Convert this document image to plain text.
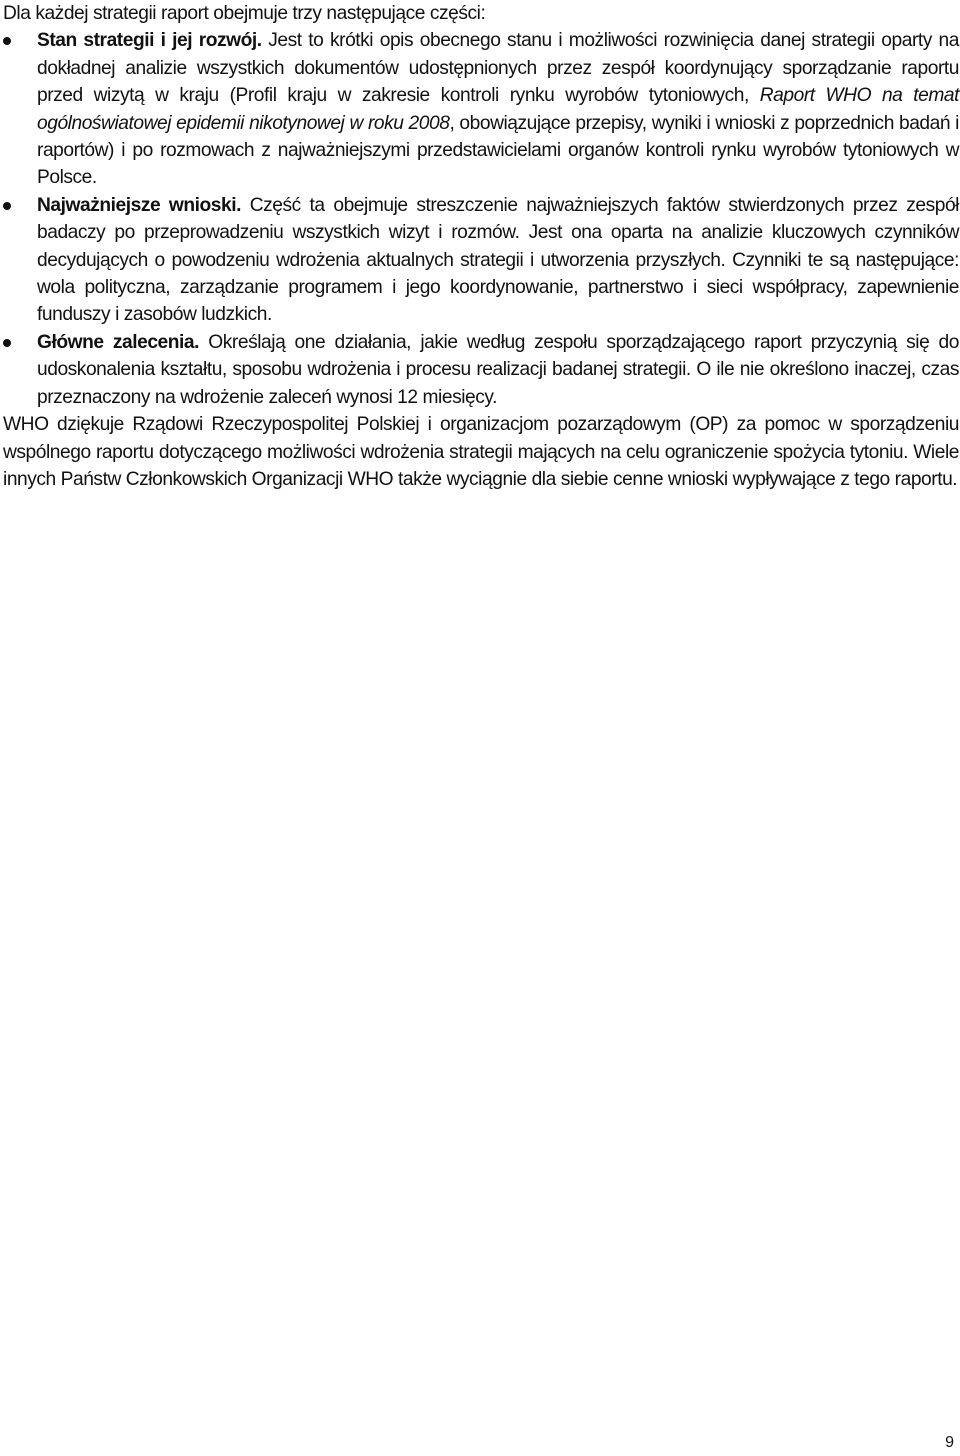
Dla każdej strategii raport obejmuje trzy następujące części:

Stan strategii i jej rozwój. Jest to krótki opis obecnego stanu i możliwości rozwinięcia danej strategii oparty na dokładnej analizie wszystkich dokumentów udostępnionych przez zespół koordynujący sporządzanie raportu przed wizytą w kraju (Profil kraju w zakresie kontroli rynku wyrobów tytoniowych, Raport WHO na temat ogólnoświatowej epidemii nikotynowej w roku 2008, obowiązujące przepisy, wyniki i wnioski z poprzednich badań i raportów) i po rozmowach z najważniejszymi przedstawicielami organów kontroli rynku wyrobów tytoniowych w Polsce.
Najważniejsze wnioski. Część ta obejmuje streszczenie najważniejszych faktów stwierdzonych przez zespół badaczy po przeprowadzeniu wszystkich wizyt i rozmów. Jest ona oparta na analizie kluczowych czynników decydujących o powodzeniu wdrożenia aktualnych strategii i utworzenia przyszłych. Czynniki te są następujące: wola polityczna, zarządzanie programem i jego koordynowanie, partnerstwo i sieci współpracy, zapewnienie funduszy i zasobów ludzkich.
Główne zalecenia. Określają one działania, jakie według zespołu sporządzającego raport przyczynią się do udoskonalenia kształtu, sposobu wdrożenia i procesu realizacji badanej strategii. O ile nie określono inaczej, czas przeznaczony na wdrożenie zaleceń wynosi 12 miesięcy.

WHO dziękuje Rządowi Rzeczypospolitej Polskiej i organizacjom pozarządowym (OP) za pomoc w sporządzeniu wspólnego raportu dotyczącego możliwości wdrożenia strategii mających na celu ograniczenie spożycia tytoniu. Wiele innych Państw Członkowskich Organizacji WHO także wyciągnie dla siebie cenne wnioski wypływające z tego raportu.

9
